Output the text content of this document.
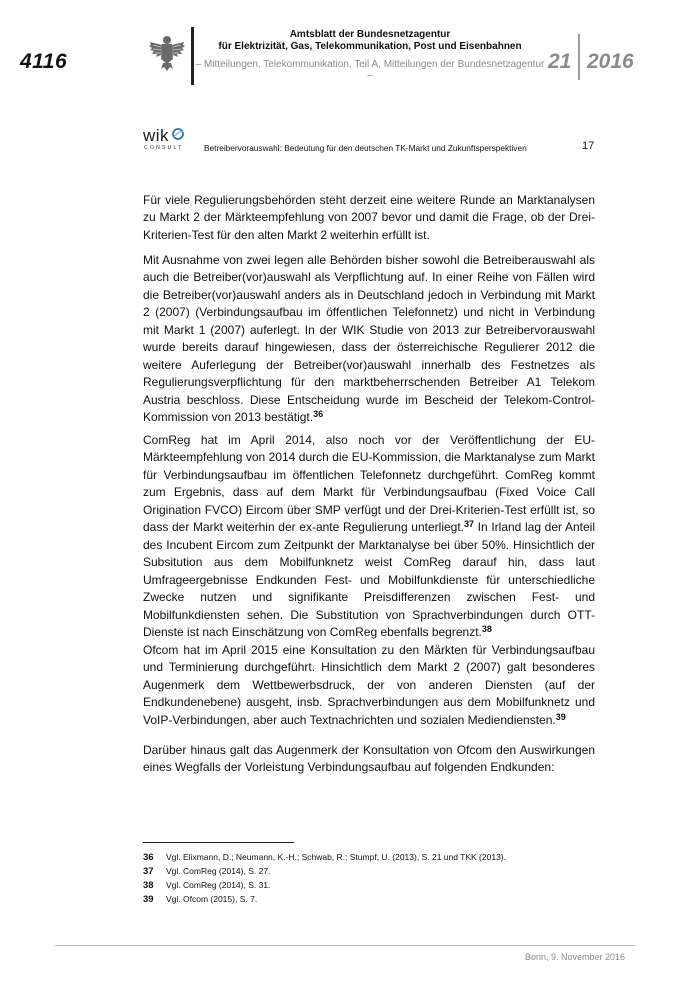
4116
Amtsblatt der Bundesnetzagentur
für Elektrizität, Gas, Telekommunikation, Post und Eisenbahnen
– Mitteilungen, Telekommunikation, Teil A, Mitteilungen der Bundesnetzagentur –
21 2016
wik
CONSULT Betreibervorauswahl: Bedeutung für den deutschen TK-Markt und Zukunftsperspektiven	17
Für viele Regulierungsbehörden steht derzeit eine weitere Runde an Marktanalysen zu Markt 2 der Märkteempfehlung von 2007 bevor und damit die Frage, ob der Drei-Kriterien-Test für den alten Markt 2 weiterhin erfüllt ist.
Mit Ausnahme von zwei legen alle Behörden bisher sowohl die Betreiberauswahl als auch die Betreiber(vor)auswahl als Verpflichtung auf. In einer Reihe von Fällen wird die Betreiber(vor)auswahl anders als in Deutschland jedoch in Verbindung mit Markt 2 (2007) (Verbindungsaufbau im öffentlichen Telefonnetz) und nicht in Verbindung mit Markt 1 (2007) auferlegt. In der WIK Studie von 2013 zur Betreibervorauswahl wurde bereits darauf hingewiesen, dass der österreichische Regulierer 2012 die weitere Auferlegung der Betreiber(vor)auswahl innerhalb des Festnetzes als Regulierungsverpflichtung für den marktbeherrschenden Betreiber A1 Telekom Austria beschloss. Diese Entscheidung wurde im Bescheid der Telekom-Control-Kommission von 2013 bestätigt.$^{36}$
ComReg hat im April 2014, also noch vor der Veröffentlichung der EU-Märkteempfehlung von 2014 durch die EU-Kommission, die Marktanalyse zum Markt für Verbindungsaufbau im öffentlichen Telefonnetz durchgeführt. ComReg kommt zum Ergebnis, dass auf dem Markt für Verbindungsaufbau (Fixed Voice Call Origination FVCO) Eircom über SMP verfügt und der Drei-Kriterien-Test erfüllt ist, so dass der Markt weiterhin der ex-ante Regulierung unterliegt.$^{37}$ In Irland lag der Anteil des Incubent Eircom zum Zeitpunkt der Marktanalyse bei über 50%. Hinsichtlich der Subsitution aus dem Mobilfunknetz weist ComReg darauf hin, dass laut Umfrageergebnisse Endkunden Fest- und Mobilfunkdienste für unterschiedliche Zwecke nutzen und signifikante Preisdifferenzen zwischen Fest- und Mobilfunkdiensten sehen. Die Substitution von Sprachverbindungen durch OTT-Dienste ist nach Einschätzung von ComReg ebenfalls begrenzt.$^{38}$
Ofcom hat im April 2015 eine Konsultation zu den Märkten für Verbindungsaufbau und Terminierung durchgeführt. Hinsichtlich dem Markt 2 (2007) galt besonderes Augenmerk dem Wettbewerbsdruck, der von anderen Diensten (auf der Endkundenebene) ausgeht, insb. Sprachverbindungen aus dem Mobilfunknetz und VoIP-Verbindungen, aber auch Textnachrichten und sozialen Mediendiensten.$^{39}$
Darüber hinaus galt das Augenmerk der Konsultation von Ofcom den Auswirkungen eines Wegfalls der Vorleistung Verbindungsaufbau auf folgenden Endkunden:
36 Vgl. Elixmann, D.; Neumann, K.-H.; Schwab, R.; Stumpf, U. (2013), S. 21 und TKK (2013).
37 Vgl. ComReg (2014), S. 27.
38 Vgl. ComReg (2014), S. 31.
39 Vgl. Ofcom (2015), S. 7.
Bonn, 9. November 2016
